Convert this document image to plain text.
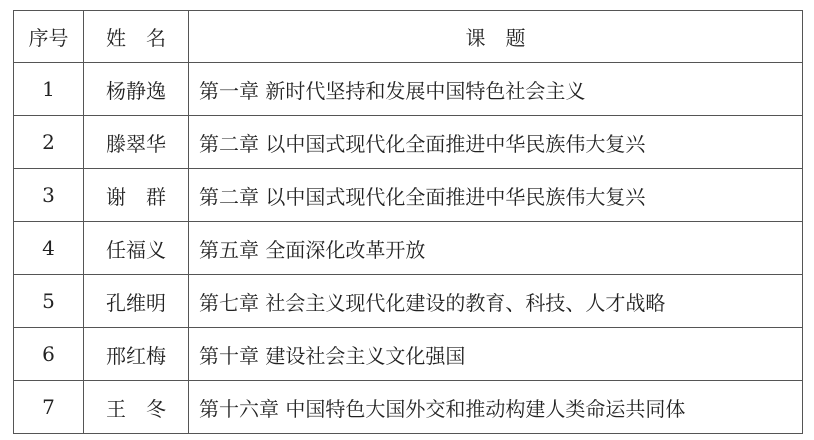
序号	姓　名	课　题
1	杨静逸	第一章 新时代坚持和发展中国特色社会主义
2	滕翠华	第二章 以中国式现代化全面推进中华民族伟大复兴
3	谢　群	第二章 以中国式现代化全面推进中华民族伟大复兴
4	任福义	第五章 全面深化改革开放
5	孔维明	第七章 社会主义现代化建设的教育、科技、人才战略
6	邢红梅	第十章 建设社会主义文化强国
7	王　冬	第十六章 中国特色大国外交和推动构建人类命运共同体
